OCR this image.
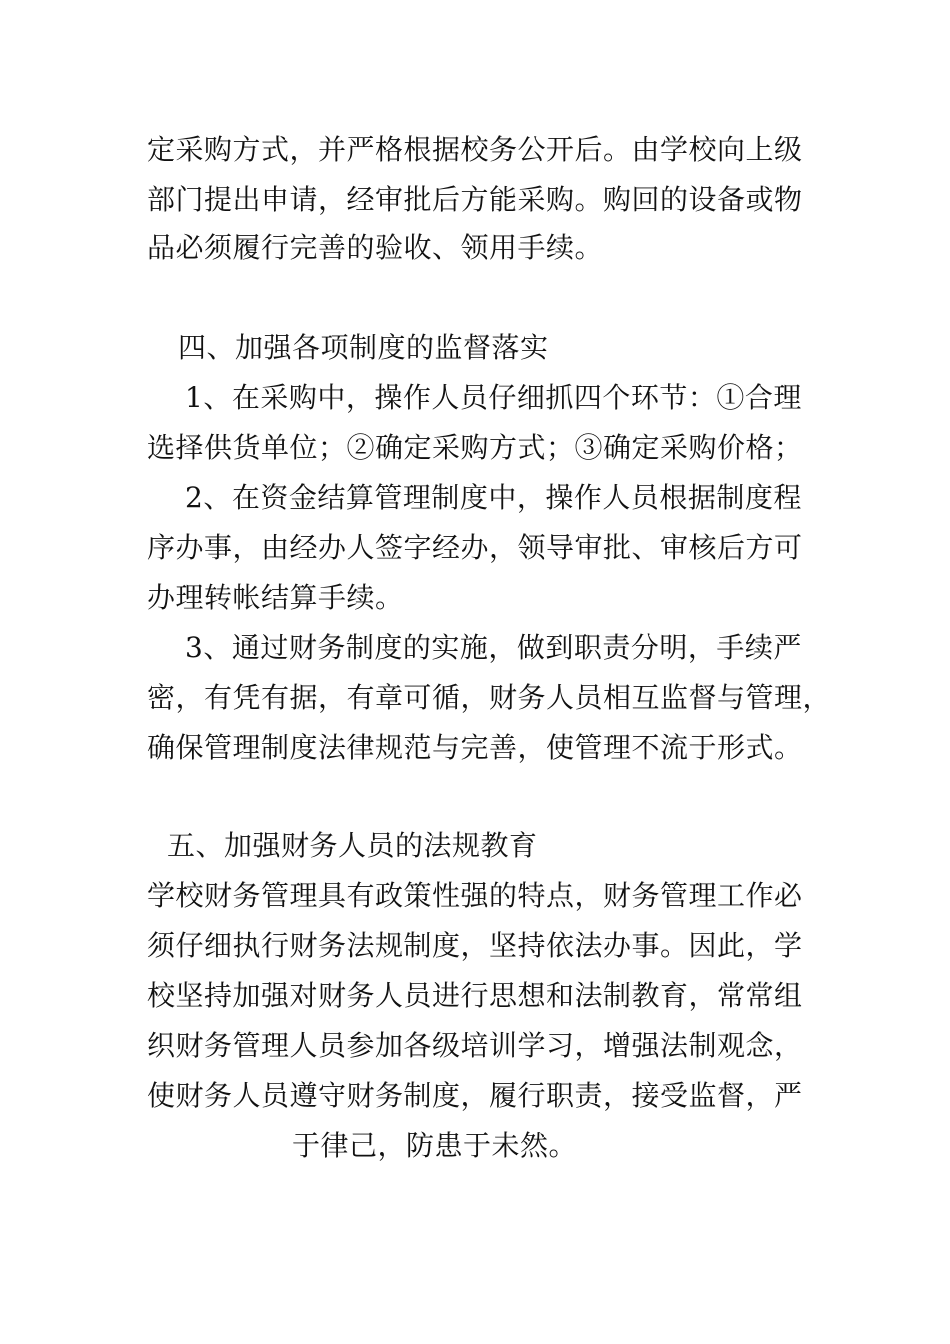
定采购方式，并严格根据校务公开后。由学校向上级
部门提出申请，经审批后方能采购。购回的设备或物
品必须履行完善的验收、领用手续。
四、加强各项制度的监督落实
1、在采购中，操作人员仔细抓四个环节：①合理
选择供货单位；②确定采购方式；③确定采购价格；
2、在资金结算管理制度中，操作人员根据制度程
序办事，由经办人签字经办，领导审批、审核后方可
办理转帐结算手续。
3、通过财务制度的实施，做到职责分明，手续严
密，有凭有据，有章可循，财务人员相互监督与管理，
确保管理制度法律规范与完善，使管理不流于形式。
五、加强财务人员的法规教育
学校财务管理具有政策性强的特点，财务管理工作必
须仔细执行财务法规制度，坚持依法办事。因此，学
校坚持加强对财务人员进行思想和法制教育，常常组
织财务管理人员参加各级培训学习，增强法制观念，
使财务人员遵守财务制度，履行职责，接受监督，严
于律己，防患于未然。
